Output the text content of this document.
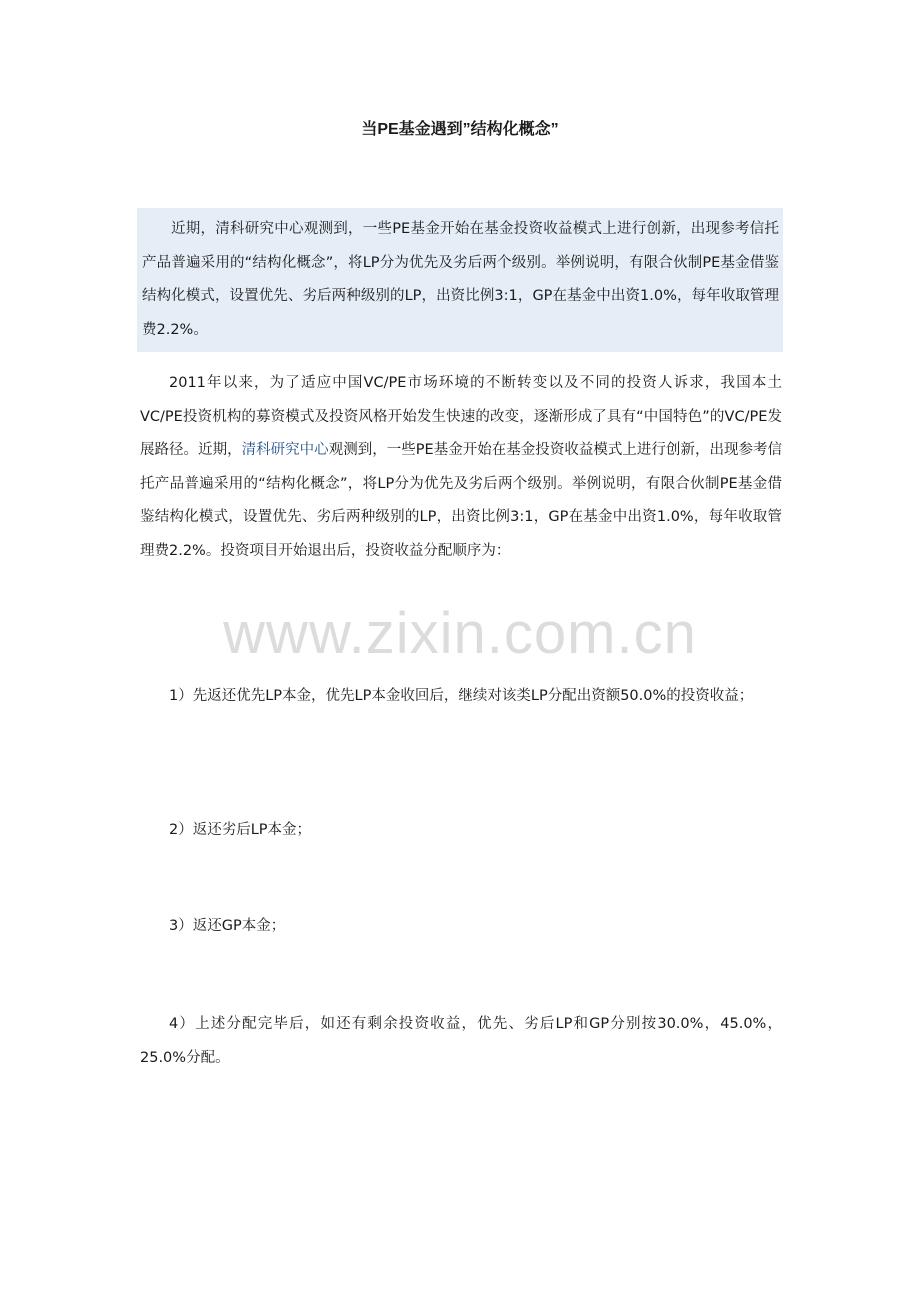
当PE基金遇到”结构化概念”

近期，清科研究中心观测到，一些PE基金开始在基金投资收益模式上进行创新，出现参考信托产品普遍采用的“结构化概念”，将LP分为优先及劣后两个级别。举例说明，有限合伙制PE基金借鉴结构化模式，设置优先、劣后两种级别的LP，出资比例3:1，GP在基金中出资1.0%，每年收取管理费2.2%。

2011年以来，为了适应中国VC/PE市场环境的不断转变以及不同的投资人诉求，我国本土VC/PE投资机构的募资模式及投资风格开始发生快速的改变，逐渐形成了具有“中国特色”的VC/PE发展路径。近期，清科研究中心观测到，一些PE基金开始在基金投资收益模式上进行创新，出现参考信托产品普遍采用的“结构化概念”，将LP分为优先及劣后两个级别。举例说明，有限合伙制PE基金借鉴结构化模式，设置优先、劣后两种级别的LP，出资比例3:1，GP在基金中出资1.0%，每年收取管理费2.2%。投资项目开始退出后，投资收益分配顺序为：

www.zixin.com.cn

1）先返还优先LP本金，优先LP本金收回后，继续对该类LP分配出资额50.0%的投资收益；

2）返还劣后LP本金；

3）返还GP本金；

4）上述分配完毕后，如还有剩余投资收益，优先、劣后LP和GP分别按30.0%，45.0%，25.0%分配。
